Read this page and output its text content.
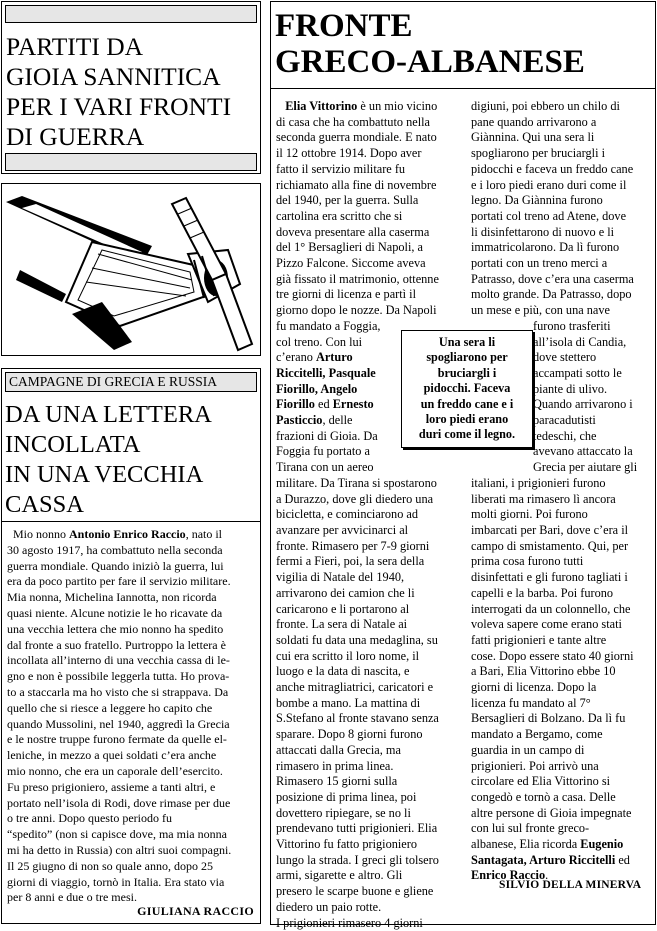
PARTITI DA
GIOIA SANNITICA
PER I VARI FRONTI
DI GUERRA
CAMPAGNE DI GRECIA E RUSSIA
DA UNA LETTERA
INCOLLATA
IN UNA VECCHIA
CASSA
Mio nonno Antonio Enrico Raccio, nato il
30 agosto 1917, ha combattuto nella seconda
guerra mondiale. Quando iniziò la guerra, lui
era da poco partito per fare il servizio militare.
Mia nonna, Michelina Iannotta, non ricorda
quasi niente. Alcune notizie le ho ricavate da
una vecchia lettera che mio nonno ha spedito
dal fronte a suo fratello. Purtroppo la lettera è
incollata all’interno di una vecchia cassa di le-
gno e non è possibile leggerla tutta. Ho prova-
to a staccarla ma ho visto che si strappava. Da
quello che si riesce a leggere ho capito che
quando Mussolini, nel 1940, aggredì la Grecia
e le nostre truppe furono fermate da quelle el-
leniche, in mezzo a quei soldati c’era anche
mio nonno, che era un caporale dell’esercito.
Fu preso prigioniero, assieme a tanti altri, e
portato nell’isola di Rodi, dove rimase per due
o tre anni. Dopo questo periodo fu
“spedito” (non si capisce dove, ma mia nonna
mi ha detto in Russia) con altri suoi compagni.
Il 25 giugno di non so quale anno, dopo 25
giorni di viaggio, tornò in Italia. Era stato via
per 8 anni e due o tre mesi.
GIULIANA RACCIO
FRONTE
GRECO-ALBANESE
Elia Vittorino è un mio vicino
di casa che ha combattuto nella
seconda guerra mondiale. E nato
il 12 ottobre 1914. Dopo aver
fatto il servizio militare fu
richiamato alla fine di novembre
del 1940, per la guerra. Sulla
cartolina era scritto che si
doveva presentare alla caserma
del 1° Bersaglieri di Napoli, a
Pizzo Falcone. Siccome aveva
già fissato il matrimonio, ottenne
tre giorni di licenza e partì il
giorno dopo le nozze. Da Napoli
fu mandato a Foggia,
col treno. Con lui
c’erano Arturo
Riccitelli, Pasquale
Fiorillo, Angelo
Fiorillo ed Ernesto
Pasticcio, delle
frazioni di Gioia. Da
Foggia fu portato a
Tirana con un aereo
militare. Da Tirana si spostarono
a Durazzo, dove gli diedero una
bicicletta, e cominciarono ad
avanzare per avvicinarci al
fronte. Rimasero per 7-9 giorni
fermi a Fieri, poi, la sera della
vigilia di Natale del 1940,
arrivarono dei camion che li
caricarono e li portarono al
fronte. La sera di Natale ai
soldati fu data una medaglina, su
cui era scritto il loro nome, il
luogo e la data di nascita, e
anche mitragliatrici, caricatori e
bombe a mano. La mattina di
S.Stefano al fronte stavano senza
sparare. Dopo 8 giorni furono
attaccati dalla Grecia, ma
rimasero in prima linea.
Rimasero 15 giorni sulla
posizione di prima linea, poi
dovettero ripiegare, se no li
prendevano tutti prigionieri. Elia
Vittorino fu fatto prigioniero
lungo la strada. I greci gli tolsero
armi, sigarette e altro. Gli
presero le scarpe buone e gliene
diedero un paio rotte.
I prigionieri rimasero 4 giorni
digiuni, poi ebbero un chilo di
pane quando arrivarono a
Giànnina. Qui una sera li
spogliarono per bruciargli i
pidocchi e faceva un freddo cane
e i loro piedi erano duri come il
legno. Da Giànnina furono
portati col treno ad Atene, dove
li disinfettarono di nuovo e li
immatricolarono. Da lì furono
portati con un treno merci a
Patrasso, dove c’era una caserma
molto grande. Da Patrasso, dopo
un mese e più, con una nave
furono trasferiti
all’isola di Candia,
dove stettero
accampati sotto le
piante di ulivo.
Quando arrivarono i
paracadutisti
tedeschi, che
avevano attaccato la
Grecia per aiutare gli
italiani, i prigionieri furono
liberati ma rimasero lì ancora
molti giorni. Poi furono
imbarcati per Bari, dove c’era il
campo di smistamento. Qui, per
prima cosa furono tutti
disinfettati e gli furono tagliati i
capelli e la barba. Poi furono
interrogati da un colonnello, che
voleva sapere come erano stati
fatti prigionieri e tante altre
cose. Dopo essere stato 40 giorni
a Bari, Elia Vittorino ebbe 10
giorni di licenza. Dopo la
licenza fu mandato al 7°
Bersaglieri di Bolzano. Da lì fu
mandato a Bergamo, come
guardia in un campo di
prigionieri. Poi arrivò una
circolare ed Elia Vittorino si
congedò e tornò a casa. Delle
altre persone di Gioia impegnate
con lui sul fronte greco-
albanese, Elia ricorda Eugenio
Santagata, Arturo Riccitelli ed
Enrico Raccio.
Una sera li
spogliarono per
bruciargli i
pidocchi. Faceva
un freddo cane e i
loro piedi erano
duri come il legno.
SILVIO DELLA MINERVA
